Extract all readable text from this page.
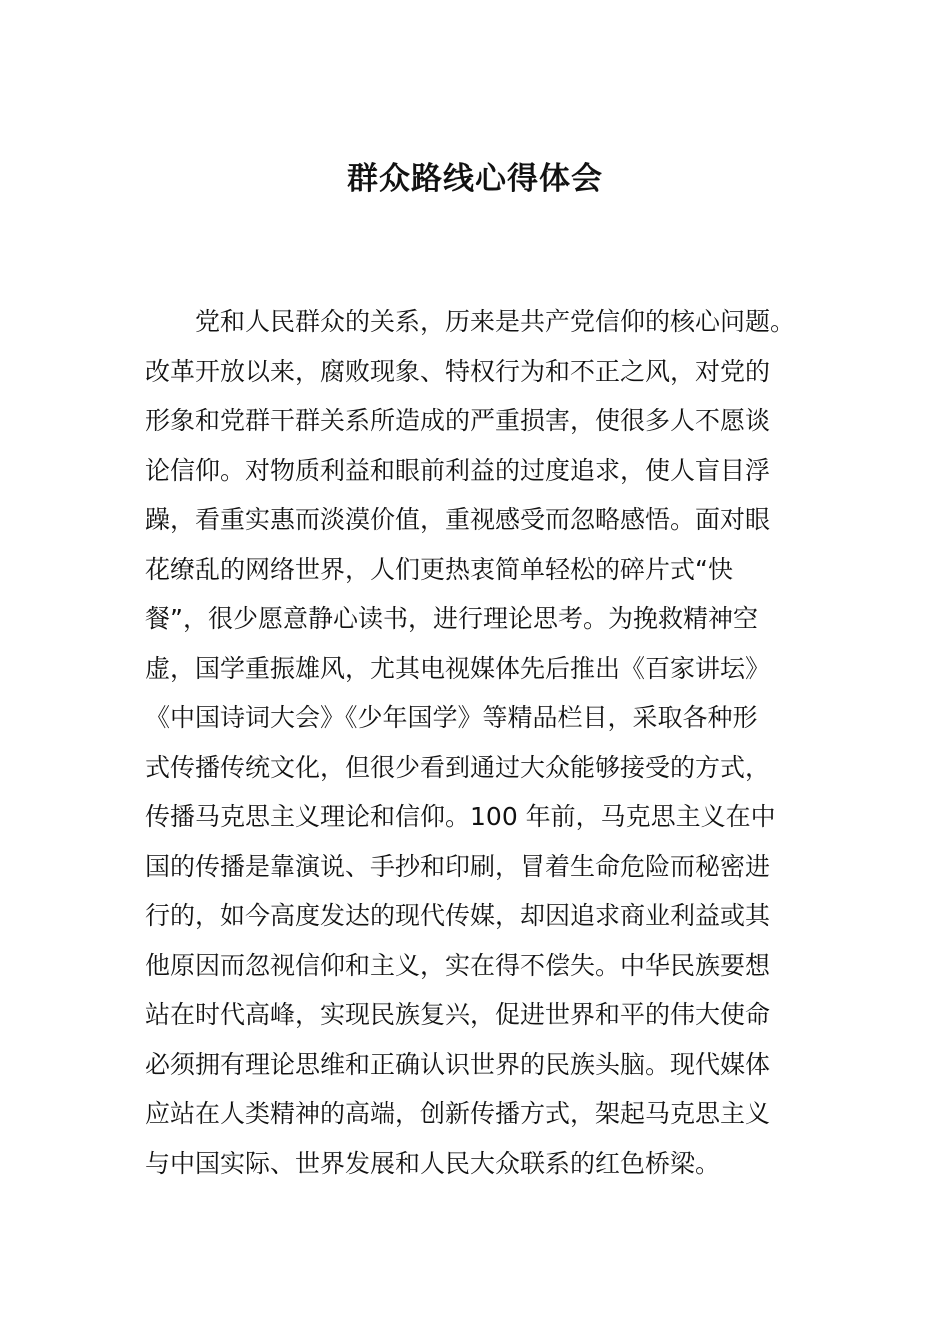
群众路线心得体会
党和人民群众的关系，历来是共产党信仰的核心问题。
改革开放以来，腐败现象、特权行为和不正之风，对党的
形象和党群干群关系所造成的严重损害，使很多人不愿谈
论信仰。对物质利益和眼前利益的过度追求，使人盲目浮
躁，看重实惠而淡漠价值，重视感受而忽略感悟。面对眼
花缭乱的网络世界，人们更热衷简单轻松的碎片式“快
餐”，很少愿意静心读书，进行理论思考。为挽救精神空
虚，国学重振雄风，尤其电视媒体先后推出《百家讲坛》
《中国诗词大会》《少年国学》等精品栏目，采取各种形
式传播传统文化，但很少看到通过大众能够接受的方式，
传播马克思主义理论和信仰。100 年前，马克思主义在中
国的传播是靠演说、手抄和印刷，冒着生命危险而秘密进
行的，如今高度发达的现代传媒，却因追求商业利益或其
他原因而忽视信仰和主义，实在得不偿失。中华民族要想
站在时代高峰，实现民族复兴，促进世界和平的伟大使命
必须拥有理论思维和正确认识世界的民族头脑。现代媒体
应站在人类精神的高端，创新传播方式，架起马克思主义
与中国实际、世界发展和人民大众联系的红色桥梁。
